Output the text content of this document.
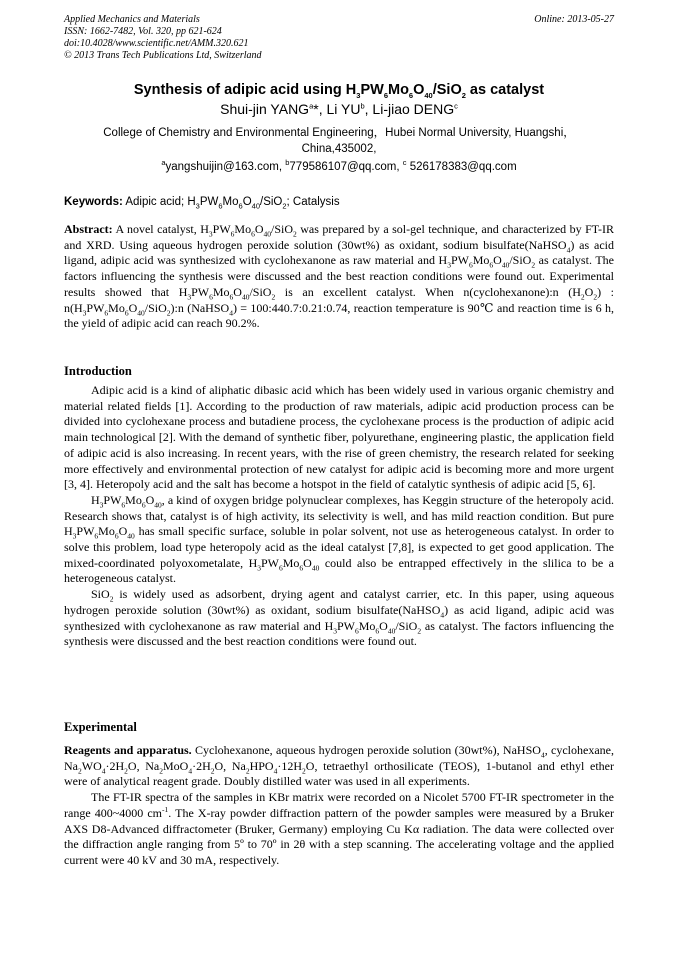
Applied Mechanics and Materials
ISSN: 1662-7482, Vol. 320, pp 621-624
doi:10.4028/www.scientific.net/AMM.320.621
© 2013 Trans Tech Publications Ltd, Switzerland
Online: 2013-05-27
Synthesis of adipic acid using $H_3PW_6Mo_6O_{40}/SiO_2$ as catalyst
Shui-jin YANG$^a$*, Li $YU^b$, Li-jiao DENG$^c$
College of Chemistry and Environmental Engineering，Hubei Normal University, Huangshi，
China,435002,
$^a$yangshuijin@163.com, $^b$779586107@qq.com, $^c$ 526178383@qq.com
Keywords: Adipic acid; $H_3PW_6Mo_6O_{40}/SiO_2$; Catalysis

Abstract: A novel catalyst, $H_3PW_6Mo_6O_{40}/SiO_2$ was prepared by a sol-gel technique, and characterized by FT-IR and XRD. Using aqueous hydrogen peroxide solution (30wt%) as oxidant, sodium bisulfate(NaHSO$_4$) as acid ligand, adipic acid was synthesized with cyclohexanone as raw material and $H_3PW_6Mo_6O_{40}/SiO_2$ as catalyst. The factors influencing the synthesis were discussed and the best reaction conditions were found out. Experimental results showed that $H_3PW_6Mo_6O_{40}/SiO_2$ is an excellent catalyst. When n(cyclohexanone):n $(H_2O_2)$ : $n(H_3PW_6Mo_6O_{40}/SiO_2):n$ (NaHSO$_4$) = 100:440.7:0.21:0.74, reaction temperature is 90℃ and reaction time is 6 h, the yield of adipic acid can reach 90.2%.

Introduction

Adipic acid is a kind of aliphatic dibasic acid which has been widely used in various organic chemistry and material related fields [1]. According to the production of raw materials, adipic acid production process can be divided into cyclohexane process and butadiene process, the cyclohexane process is the production of adipic acid main technological [2]. With the demand of synthetic fiber, polyurethane, engineering plastic, the application field of adipic acid is also increasing. In recent years, with the rise of green chemistry, the research related for seeking more effectively and environmental protection of new catalyst for adipic acid is becoming more and more urgent [3, 4]. Heteropoly acid and the salt has become a hotspot in the field of catalytic synthesis of adipic acid [5, 6].

$H_3PW_6Mo_6O_{40}$, a kind of oxygen bridge polynuclear complexes, has Keggin structure of the heteropoly acid. Research shows that, catalyst is of high activity, its selectivity is well, and has mild reaction condition. But pure $H_3PW_6Mo_6O_{40}$ has small specific surface, soluble in polar solvent, not use as heterogeneous catalyst. In order to solve this problem, load type heteropoly acid as the ideal catalyst [7,8], is expected to get good application. The mixed-coordinated polyoxometalate, $H_3PW_6Mo_6O_{40}$ could also be entrapped effectively in the slilica to be a heterogeneous catalyst.

SiO$_2$ is widely used as adsorbent, drying agent and catalyst carrier, etc. In this paper, using aqueous hydrogen peroxide solution (30wt%) as oxidant, sodium bisulfate(NaHSO$_4$) as acid ligand, adipic acid was synthesized with cyclohexanone as raw material and $H_3PW_6Mo_6O_{40}/SiO_2$ as catalyst. The factors influencing the synthesis were discussed and the best reaction conditions were found out.

Experimental

Reagents and apparatus. Cyclohexanone, aqueous hydrogen peroxide solution (30wt%), NaHSO$_4$, cyclohexane, $Na_2WO_4\cdot 2H_2O$, $Na_2MoO_4\cdot 2H_2O$, $Na_2HPO_4\cdot 12H_2O$, tetraethyl orthosilicate (TEOS), 1-butanol and ethyl ether were of analytical reagent grade. Doubly distilled water was used in all experiments.

The FT-IR spectra of the samples in KBr matrix were recorded on a Nicolet 5700 FT-IR spectrometer in the range 400~4000 $cm^{-1}$. The X-ray powder diffraction pattern of the powder samples were measured by a Bruker AXS D8-Advanced diffractometer (Bruker, Germany) employing Cu Kα radiation. The data were collected over the diffraction angle ranging from 5º to 70º in 2θ with a step scanning. The accelerating voltage and the applied current were 40 kV and 30 mA, respectively.
